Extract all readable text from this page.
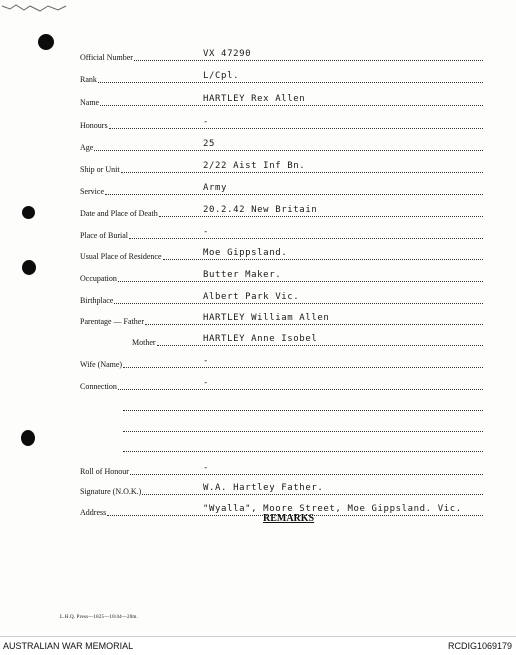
Official Number	VX 47290
Rank	L/Cpl.
Name	HARTLEY Rex Allen
Honours	-
Age	25
Ship or Unit	2/22 Aist Inf Bn.
Service	Army
Date and Place of Death	20.2.42 New Britain
Place of Burial	-
Usual Place of Residence	Moe Gippsland.
Occupation	Butter Maker.
Birthplace	Albert Park Vic.
Parentage — Father	HARTLEY William Allen
Mother	HARTLEY Anne Isobel
Wife (Name)	-
Connection	-
Roll of Honour	-
Signature (N.O.K.)	W.A. Hartley Father.
Address	"Wyalla", Moore Street, Moe Gippsland. Vic.
REMARKS
L.H.Q. Press—1825—10/44—20m.
AUSTRALIAN WAR MEMORIAL	RCDIG1069179
